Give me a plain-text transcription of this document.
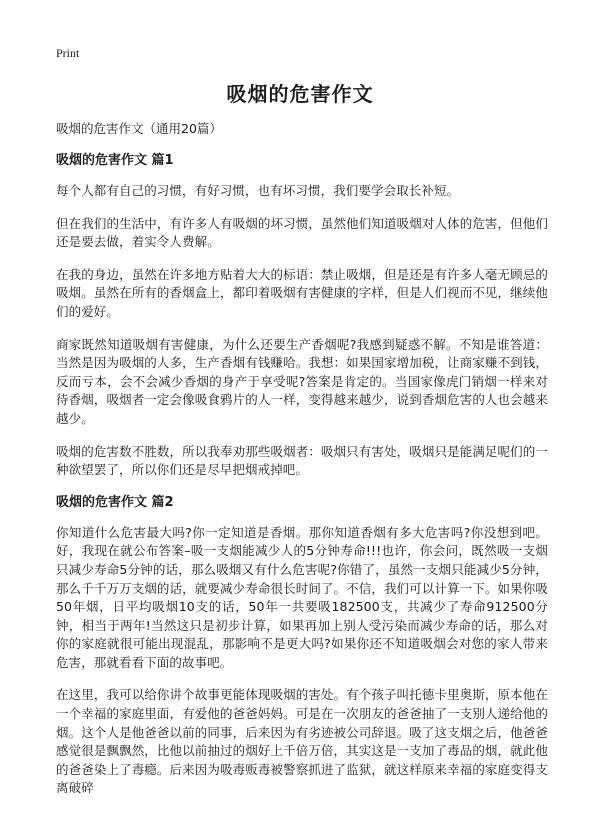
Print
吸烟的危害作文

吸烟的危害作文（通用20篇）

吸烟的危害作文 篇1

每个人都有自己的习惯，有好习惯，也有坏习惯，我们要学会取长补短。

但在我们的生活中，有许多人有吸烟的坏习惯，虽然他们知道吸烟对人体的危害，但他们还是要去做，着实令人费解。

在我的身边，虽然在许多地方贴着大大的标语：禁止吸烟，但是还是有许多人毫无顾忌的吸烟。虽然在所有的香烟盒上，都印着吸烟有害健康的字样，但是人们视而不见，继续他们的爱好。

商家既然知道吸烟有害健康，为什么还要生产香烟呢?我感到疑惑不解。不知是谁答道：当然是因为吸烟的人多，生产香烟有钱赚哈。我想：如果国家增加税，让商家赚不到钱，反而亏本，会不会减少香烟的身产于享受呢?答案是肯定的。当国家像虎门销烟一样来对待香烟，吸烟者一定会像吸食鸦片的人一样，变得越来越少，说到香烟危害的人也会越来越少。

吸烟的危害数不胜数，所以我奉劝那些吸烟者：吸烟只有害处，吸烟只是能满足呢们的一种欲望罢了，所以你们还是尽早把烟戒掉吧。

吸烟的危害作文 篇2

你知道什么危害最大吗?你一定知道是香烟。那你知道香烟有多大危害吗?你没想到吧。好，我现在就公布答案–吸一支烟能减少人的5分钟寿命!!!也许，你会问，既然吸一支烟只减少寿命5分钟的话，那么吸烟又有什么危害呢?你错了，虽然一支烟只能减少5分钟，那么千千万万支烟的话，就要减少寿命很长时间了。不信，我们可以计算一下。如果你吸50年烟，日平均吸烟10支的话，50年一共要吸182500支，共减少了寿命912500分钟，相当于两年!当然这只是初步计算，如果再加上别人受污染而减少寿命的话，那么对你的家庭就很可能出现混乱，那影响不是更大吗?如果你还不知道吸烟会对您的家人带来危害，那就看看下面的故事吧。

在这里，我可以给你讲个故事更能体现吸烟的害处。有个孩子叫托德卡里奥斯，原本他在一个幸福的家庭里面，有爱他的爸爸妈妈。可是在一次朋友的爸爸抽了一支别人递给他的烟。这个人是他爸爸以前的同事，后来因为有劣迹被公司辞退。吸了这支烟之后，他爸爸感觉很是飘飘然，比他以前抽过的烟好上千倍万倍，其实这是一支加了毒品的烟，就此他的爸爸染上了毒瘾。后来因为吸毒贩毒被警察抓进了监狱，就这样原来幸福的家庭变得支离破碎
